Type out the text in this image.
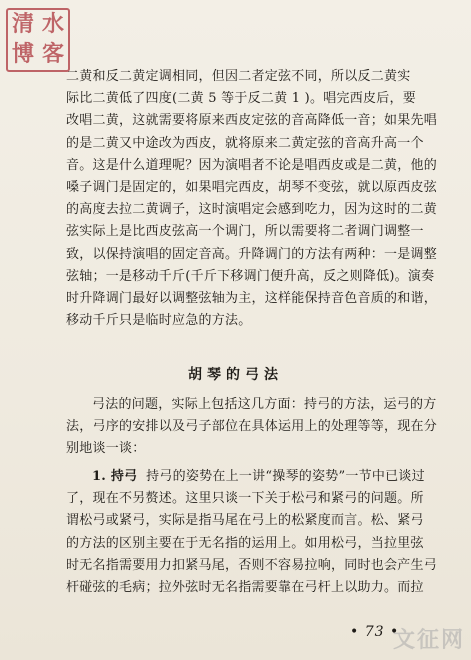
清 水
博 客
二黄和反二黄定调相同，但因二者定弦不同，所以反二黄实
际比二黄低了四度(二黄 5 等于反二黄 1 )。唱完西皮后，要
改唱二黄，这就需要将原来西皮定弦的音高降低一音；如果先唱
的是二黄又中途改为西皮，就将原来二黄定弦的音高升高一个
音。这是什么道理呢？因为演唱者不论是唱西皮或是二黄，他的
嗓子调门是固定的，如果唱完西皮，胡琴不变弦，就以原西皮弦
的高度去拉二黄调子，这时演唱定会感到吃力，因为这时的二黄
弦实际上是比西皮弦高一个调门，所以需要将二者调门调整一
致，以保持演唱的固定音高。升降调门的方法有两种：一是调整
弦轴；一是移动千斤(千斤下移调门便升高，反之则降低)。演奏
时升降调门最好以调整弦轴为主，这样能保持音色音质的和谐，
移动千斤只是临时应急的方法。
胡琴的弓法
弓法的问题，实际上包括这几方面：持弓的方法，运弓的方
法，弓序的安排以及弓子部位在具体运用上的处理等等，现在分
别地谈一谈：
1. 持弓 持弓的姿势在上一讲“操琴的姿势”一节中已谈过
了，现在不另赘述。这里只谈一下关于松弓和紧弓的问题。所
谓松弓或紧弓，实际是指马尾在弓上的松紧度而言。松、紧弓
的方法的区别主要在于无名指的运用上。如用松弓，当拉里弦
时无名指需要用力扣紧马尾，否则不容易拉响，同时也会产生弓
杆碰弦的毛病；拉外弦时无名指需要靠在弓杆上以助力。而拉
• 73 •
文征网
